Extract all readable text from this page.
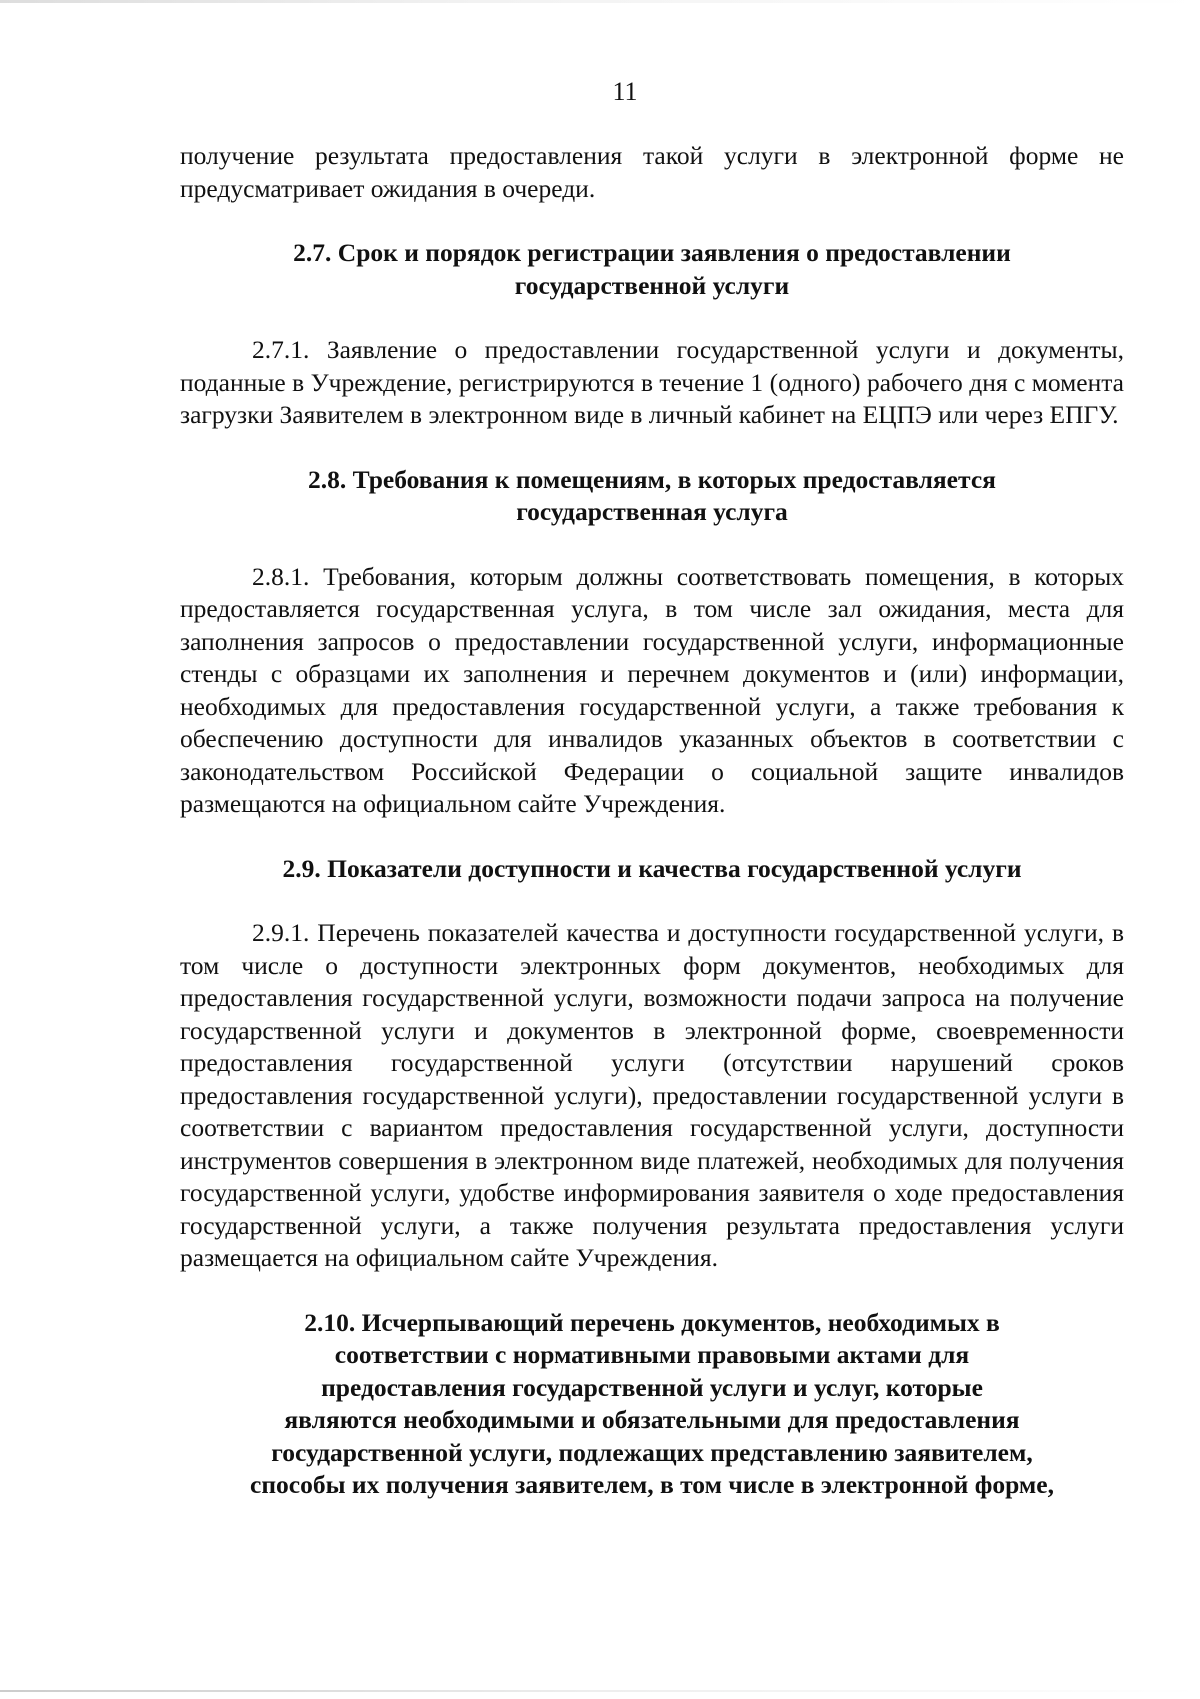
11

получение результата предоставления такой услуги в электронной форме не предусматривает ожидания в очереди.

2.7. Срок и порядок регистрации заявления о предоставлении
государственной услуги

2.7.1. Заявление о предоставлении государственной услуги и документы, поданные в Учреждение, регистрируются в течение 1 (одного) рабочего дня с момента загрузки Заявителем в электронном виде в личный кабинет на ЕЦПЭ или через ЕПГУ.

2.8. Требования к помещениям, в которых предоставляется
государственная услуга

2.8.1. Требования, которым должны соответствовать помещения, в которых предоставляется государственная услуга, в том числе зал ожидания, места для заполнения запросов о предоставлении государственной услуги, информационные стенды с образцами их заполнения и перечнем документов и (или) информации, необходимых для предоставления государственной услуги, а также требования к обеспечению доступности для инвалидов указанных объектов в соответствии с законодательством Российской Федерации о социальной защите инвалидов размещаются на официальном сайте Учреждения.

2.9. Показатели доступности и качества государственной услуги

2.9.1. Перечень показателей качества и доступности государственной услуги, в том числе о доступности электронных форм документов, необходимых для предоставления государственной услуги, возможности подачи запроса на получение государственной услуги и документов в электронной форме, своевременности предоставления государственной услуги (отсутствии нарушений сроков предоставления государственной услуги), предоставлении государственной услуги в соответствии с вариантом предоставления государственной услуги, доступности инструментов совершения в электронном виде платежей, необходимых для получения государственной услуги, удобстве информирования заявителя о ходе предоставления государственной услуги, а также получения результата предоставления услуги размещается на официальном сайте Учреждения.

2.10. Исчерпывающий перечень документов, необходимых в
соответствии с нормативными правовыми актами для
предоставления государственной услуги и услуг, которые
являются необходимыми и обязательными для предоставления
государственной услуги, подлежащих представлению заявителем,
способы их получения заявителем, в том числе в электронной форме,
